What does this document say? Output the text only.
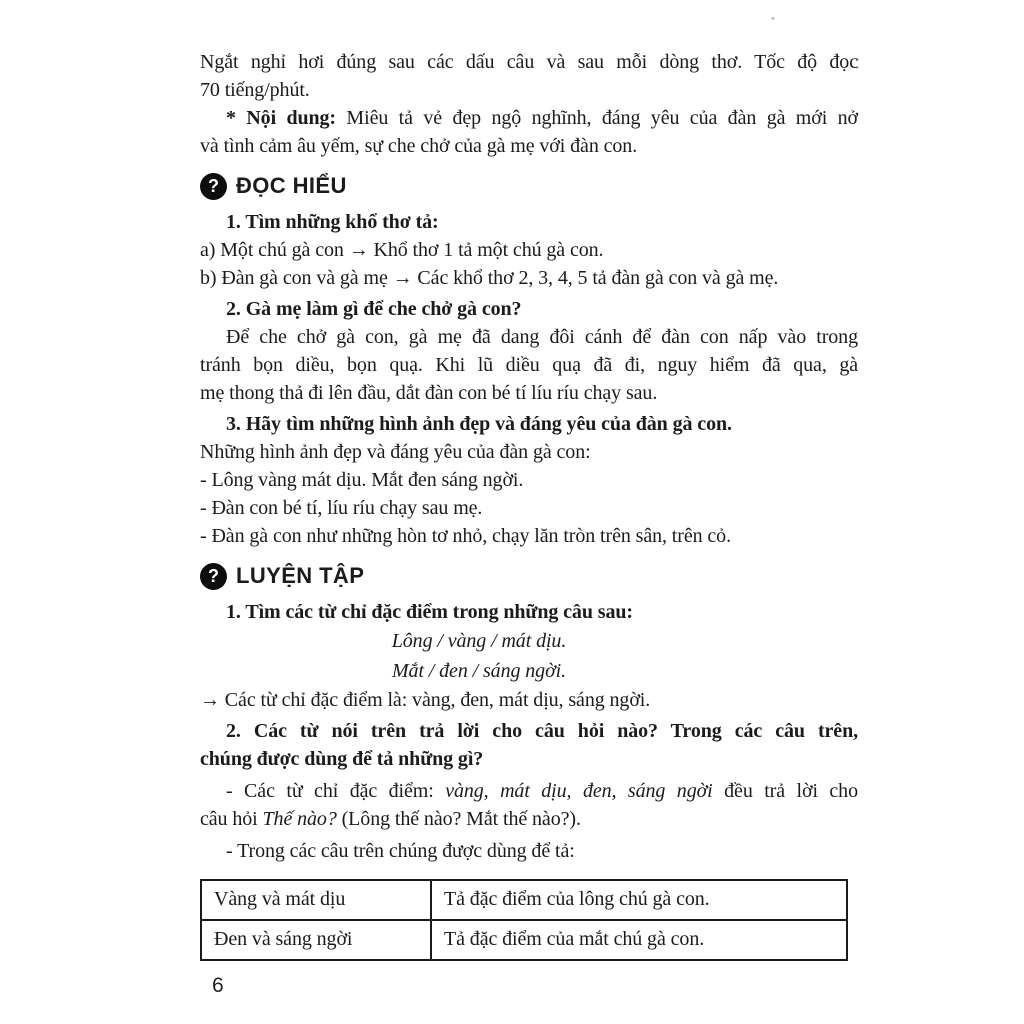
Ngắt nghỉ hơi đúng sau các dấu câu và sau mỗi dòng thơ. Tốc độ đọc

70 tiếng/phút.

* Nội dung: Miêu tả vẻ đẹp ngộ nghĩnh, đáng yêu của đàn gà mới nở

và tình cảm âu yếm, sự che chở của gà mẹ với đàn con.

? ĐỌC HIỂU

1. Tìm những khổ thơ tả:

a) Một chú gà con → Khổ thơ 1 tả một chú gà con.

b) Đàn gà con và gà mẹ → Các khổ thơ 2, 3, 4, 5 tả đàn gà con và gà mẹ.

2. Gà mẹ làm gì để che chở gà con?

Để che chở gà con, gà mẹ đã dang đôi cánh để đàn con nấp vào trong

tránh bọn diều, bọn quạ. Khi lũ diều quạ đã đi, nguy hiểm đã qua, gà

mẹ thong thả đi lên đầu, dắt đàn con bé tí líu ríu chạy sau.

3. Hãy tìm những hình ảnh đẹp và đáng yêu của đàn gà con.

Những hình ảnh đẹp và đáng yêu của đàn gà con:

- Lông vàng mát dịu. Mắt đen sáng ngời.

- Đàn con bé tí, líu ríu chạy sau mẹ.

- Đàn gà con như những hòn tơ nhỏ, chạy lăn tròn trên sân, trên cỏ.

? LUYỆN TẬP

1. Tìm các từ chỉ đặc điểm trong những câu sau:

Lông / vàng / mát dịu.

Mắt / đen / sáng ngời.

→ Các từ chỉ đặc điểm là: vàng, đen, mát dịu, sáng ngời.

2. Các từ nói trên trả lời cho câu hỏi nào? Trong các câu trên,

chúng được dùng để tả những gì?

- Các từ chỉ đặc điểm: vàng, mát dịu, đen, sáng ngời đều trả lời cho

câu hỏi Thế nào? (Lông thế nào? Mắt thế nào?).

- Trong các câu trên chúng được dùng để tả:

Vàng và mát dịu	Tả đặc điểm của lông chú gà con.
Đen và sáng ngời	Tả đặc điểm của mắt chú gà con.
6
